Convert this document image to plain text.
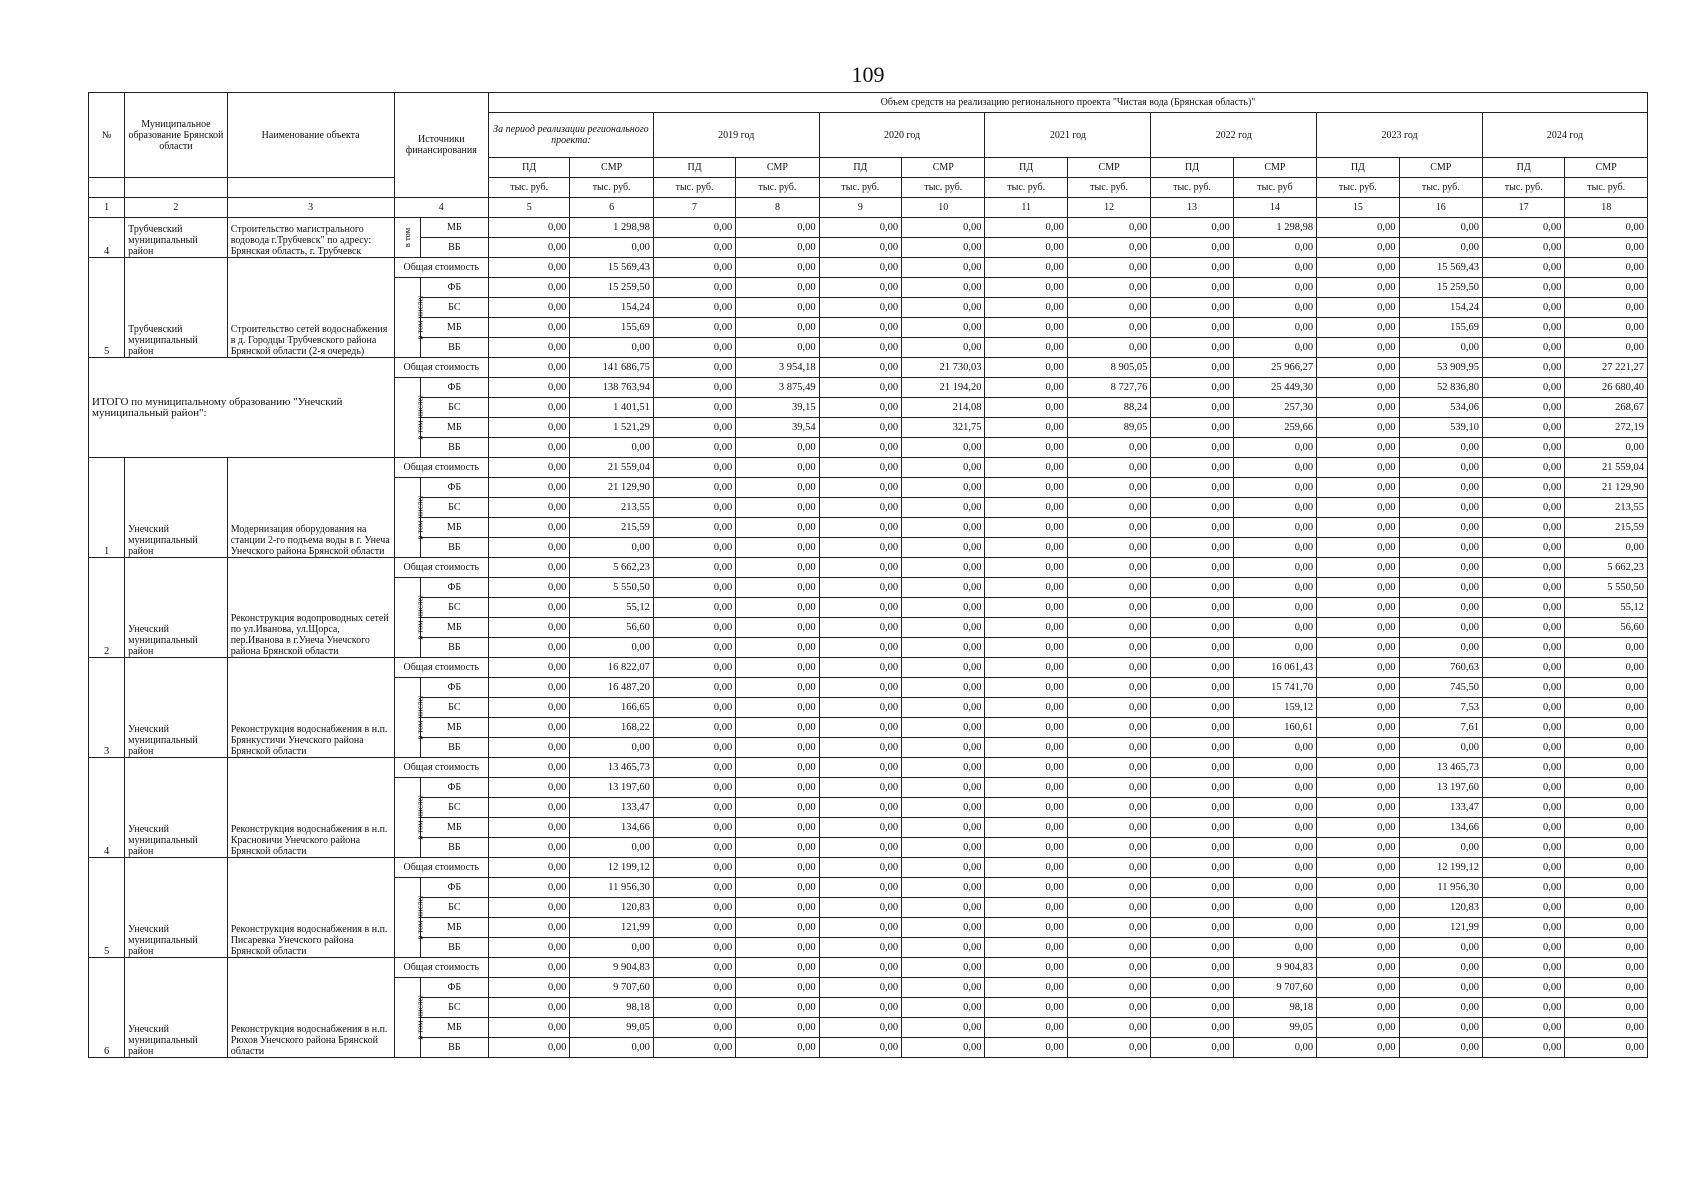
109
№	Муниципальное образование Брянской области	Наименование объекта	Источники финансирования		Объем средств на реализацию регионального проекта "Чистая вода (Брянская область)"													
					За период реализации регионального проекта:		2019 год		2020 год		2021 год		2022 год		2023 год		2024 год	
					ПД	СМР	ПД	СМР	ПД	СМР	ПД	СМР	ПД	СМР	ПД	СМР	ПД	СМР
					тыс. руб.	тыс. руб.	тыс. руб.	тыс. руб.	тыс. руб.	тыс. руб.	тыс. руб.	тыс. руб.	тыс. руб.	тыс. руб	тыс. руб.	тыс. руб.	тыс. руб.	тыс. руб.
1	2	3	4		5	6	7	8	9	10	11	12	13	14	15	16	17	18
4	Трубчевский муниципальный район	Строительство магистрального водовода г.Трубчевск" по адресу: Брянская область, г. Трубчевск	в том	МБ	0,00	1 298,98	0,00	0,00	0,00	0,00	0,00	0,00	0,00	1 298,98	0,00	0,00	0,00	0,00
				ВБ	0,00	0,00	0,00	0,00	0,00	0,00	0,00	0,00	0,00	0,00	0,00	0,00	0,00	0,00
5	Трубчевский муниципальный район	Строительство сетей водоснабжения в д. Городцы Трубчевского района Брянской области (2-я очередь)	Общая стоимость		0,00	15 569,43	0,00	0,00	0,00	0,00	0,00	0,00	0,00	0,00	0,00	15 569,43	0,00	0,00
			в том числе:	ФБ	0,00	15 259,50	0,00	0,00	0,00	0,00	0,00	0,00	0,00	0,00	0,00	15 259,50	0,00	0,00
				БС	0,00	154,24	0,00	0,00	0,00	0,00	0,00	0,00	0,00	0,00	0,00	154,24	0,00	0,00
				МБ	0,00	155,69	0,00	0,00	0,00	0,00	0,00	0,00	0,00	0,00	0,00	155,69	0,00	0,00
				ВБ	0,00	0,00	0,00	0,00	0,00	0,00	0,00	0,00	0,00	0,00	0,00	0,00	0,00	0,00
ИТОГО по муниципальному образованию "Унечский муниципальный район":			Общая стоимость		0,00	141 686,75	0,00	3 954,18	0,00	21 730,03	0,00	8 905,05	0,00	25 966,27	0,00	53 909,95	0,00	27 221,27
			в том числе:	ФБ	0,00	138 763,94	0,00	3 875,49	0,00	21 194,20	0,00	8 727,76	0,00	25 449,30	0,00	52 836,80	0,00	26 680,40
				БС	0,00	1 401,51	0,00	39,15	0,00	214,08	0,00	88,24	0,00	257,30	0,00	534,06	0,00	268,67
				МБ	0,00	1 521,29	0,00	39,54	0,00	321,75	0,00	89,05	0,00	259,66	0,00	539,10	0,00	272,19
				ВБ	0,00	0,00	0,00	0,00	0,00	0,00	0,00	0,00	0,00	0,00	0,00	0,00	0,00	0,00
1	Унечский муниципальный район	Модернизация оборудования на станции 2-го подъема воды в г. Унеча Унечского района Брянской области	Общая стоимость		0,00	21 559,04	0,00	0,00	0,00	0,00	0,00	0,00	0,00	0,00	0,00	0,00	0,00	21 559,04
			в том числе:	ФБ	0,00	21 129,90	0,00	0,00	0,00	0,00	0,00	0,00	0,00	0,00	0,00	0,00	0,00	21 129,90
				БС	0,00	213,55	0,00	0,00	0,00	0,00	0,00	0,00	0,00	0,00	0,00	0,00	0,00	213,55
				МБ	0,00	215,59	0,00	0,00	0,00	0,00	0,00	0,00	0,00	0,00	0,00	0,00	0,00	215,59
				ВБ	0,00	0,00	0,00	0,00	0,00	0,00	0,00	0,00	0,00	0,00	0,00	0,00	0,00	0,00
2	Унечский муниципальный район	Реконструкция водопроводных сетей по ул.Иванова, ул.Щорса, пер.Иванова в г.Унеча Унечского района Брянской области	Общая стоимость		0,00	5 662,23	0,00	0,00	0,00	0,00	0,00	0,00	0,00	0,00	0,00	0,00	0,00	5 662,23
			в том числе:	ФБ	0,00	5 550,50	0,00	0,00	0,00	0,00	0,00	0,00	0,00	0,00	0,00	0,00	0,00	5 550,50
				БС	0,00	55,12	0,00	0,00	0,00	0,00	0,00	0,00	0,00	0,00	0,00	0,00	0,00	55,12
				МБ	0,00	56,60	0,00	0,00	0,00	0,00	0,00	0,00	0,00	0,00	0,00	0,00	0,00	56,60
				ВБ	0,00	0,00	0,00	0,00	0,00	0,00	0,00	0,00	0,00	0,00	0,00	0,00	0,00	0,00
3	Унечский муниципальный район	Реконструкция водоснабжения в н.п. Брянкустичи Унечского района Брянской области	Общая стоимость		0,00	16 822,07	0,00	0,00	0,00	0,00	0,00	0,00	0,00	16 061,43	0,00	760,63	0,00	0,00
			в том числе:	ФБ	0,00	16 487,20	0,00	0,00	0,00	0,00	0,00	0,00	0,00	15 741,70	0,00	745,50	0,00	0,00
				БС	0,00	166,65	0,00	0,00	0,00	0,00	0,00	0,00	0,00	159,12	0,00	7,53	0,00	0,00
				МБ	0,00	168,22	0,00	0,00	0,00	0,00	0,00	0,00	0,00	160,61	0,00	7,61	0,00	0,00
				ВБ	0,00	0,00	0,00	0,00	0,00	0,00	0,00	0,00	0,00	0,00	0,00	0,00	0,00	0,00
4	Унечский муниципальный район	Реконструкция водоснабжения в н.п. Красновичи Унечского района Брянской области	Общая стоимость		0,00	13 465,73	0,00	0,00	0,00	0,00	0,00	0,00	0,00	0,00	0,00	13 465,73	0,00	0,00
			в том числе:	ФБ	0,00	13 197,60	0,00	0,00	0,00	0,00	0,00	0,00	0,00	0,00	0,00	13 197,60	0,00	0,00
				БС	0,00	133,47	0,00	0,00	0,00	0,00	0,00	0,00	0,00	0,00	0,00	133,47	0,00	0,00
				МБ	0,00	134,66	0,00	0,00	0,00	0,00	0,00	0,00	0,00	0,00	0,00	134,66	0,00	0,00
				ВБ	0,00	0,00	0,00	0,00	0,00	0,00	0,00	0,00	0,00	0,00	0,00	0,00	0,00	0,00
5	Унечский муниципальный район	Реконструкция водоснабжения в н.п. Писаревка Унечского района Брянской области	Общая стоимость		0,00	12 199,12	0,00	0,00	0,00	0,00	0,00	0,00	0,00	0,00	0,00	12 199,12	0,00	0,00
			в том числе:	ФБ	0,00	11 956,30	0,00	0,00	0,00	0,00	0,00	0,00	0,00	0,00	0,00	11 956,30	0,00	0,00
				БС	0,00	120,83	0,00	0,00	0,00	0,00	0,00	0,00	0,00	0,00	0,00	120,83	0,00	0,00
				МБ	0,00	121,99	0,00	0,00	0,00	0,00	0,00	0,00	0,00	0,00	0,00	121,99	0,00	0,00
				ВБ	0,00	0,00	0,00	0,00	0,00	0,00	0,00	0,00	0,00	0,00	0,00	0,00	0,00	0,00
6	Унечский муниципальный район	Реконструкция водоснабжения в н.п. Рюхов Унечского района Брянской области	Общая стоимость		0,00	9 904,83	0,00	0,00	0,00	0,00	0,00	0,00	0,00	9 904,83	0,00	0,00	0,00	0,00
			в том числе:	ФБ	0,00	9 707,60	0,00	0,00	0,00	0,00	0,00	0,00	0,00	9 707,60	0,00	0,00	0,00	0,00
				БС	0,00	98,18	0,00	0,00	0,00	0,00	0,00	0,00	0,00	98,18	0,00	0,00	0,00	0,00
				МБ	0,00	99,05	0,00	0,00	0,00	0,00	0,00	0,00	0,00	99,05	0,00	0,00	0,00	0,00
				ВБ	0,00	0,00	0,00	0,00	0,00	0,00	0,00	0,00	0,00	0,00	0,00	0,00	0,00	0,00
